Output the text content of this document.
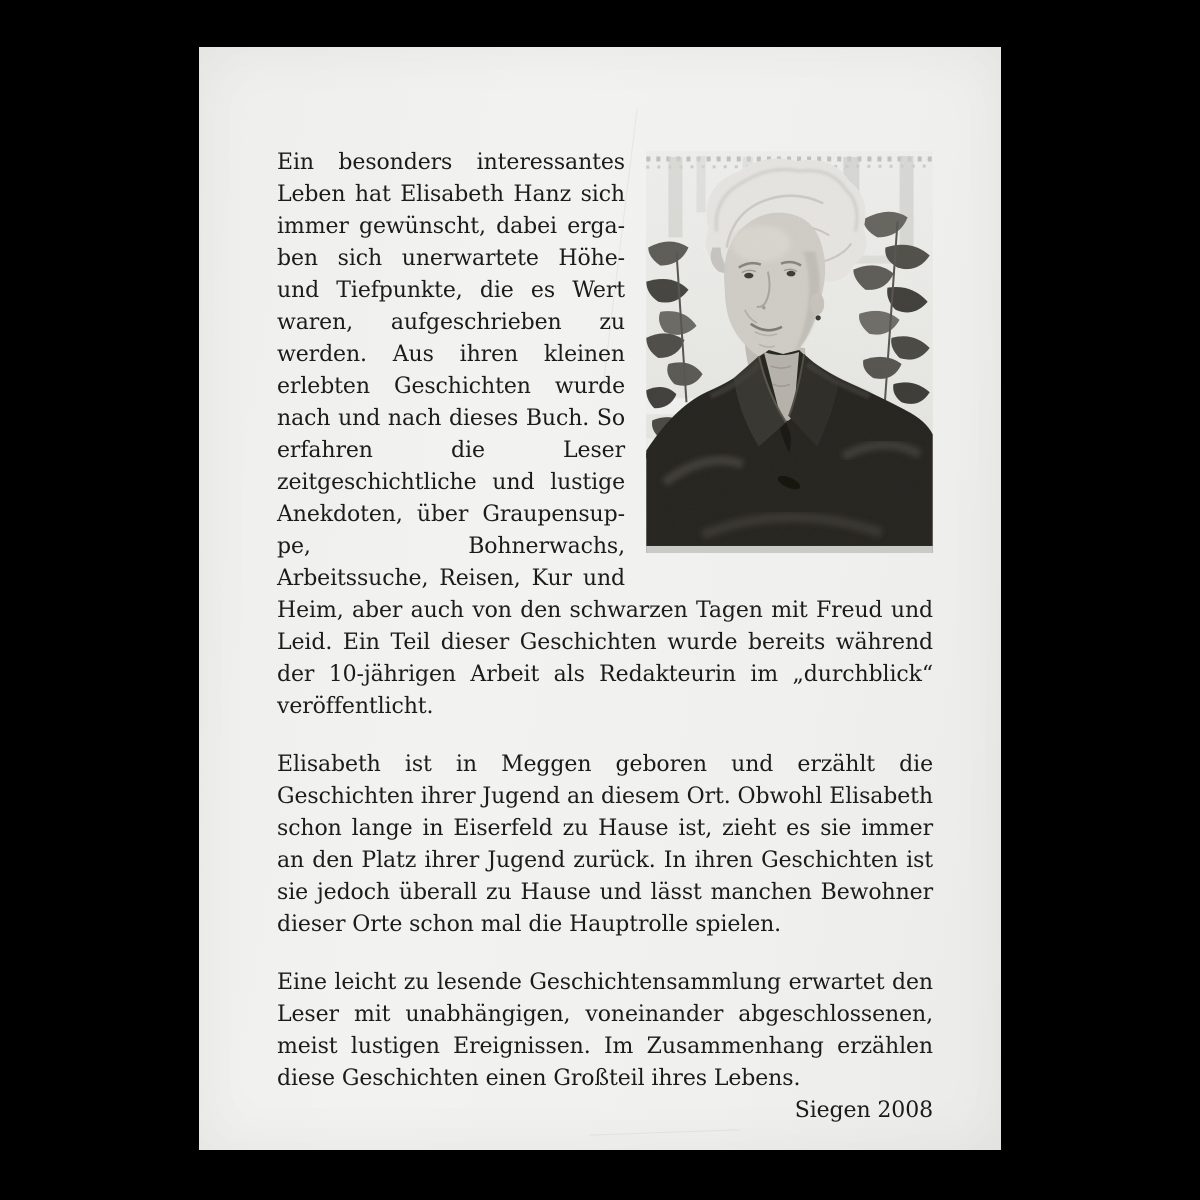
Ein besonders interessantes Leben hat Elisabeth Hanz sich immer gewünscht, dabei ergaben sich unerwartete Höhe- und Tiefpunkte, die es Wert waren, aufgeschrieben zu werden. Aus ihren kleinen erlebten Geschichten wurde nach und nach dieses Buch. So erfahren die Leser zeitgeschichtliche und lustige Anekdoten, über Graupensuppe, Bohnerwachs, Arbeitssuche, Reisen, Kur und Heim, aber auch von den schwarzen Tagen mit Freud und Leid. Ein Teil dieser Geschichten wurde bereits während der 10-jährigen Arbeit als Redakteurin im „durchblick“ veröffentlicht.

Elisabeth ist in Meggen geboren und erzählt die Geschichten ihrer Jugend an diesem Ort. Obwohl Elisabeth schon lange in Eiserfeld zu Hause ist, zieht es sie immer an den Platz ihrer Jugend zurück. In ihren Geschichten ist sie jedoch überall zu Hause und lässt manchen Bewohner dieser Orte schon mal die Hauptrolle spielen.

Eine leicht zu lesende Geschichtensammlung erwartet den Leser mit unabhängigen, voneinander abgeschlossenen, meist lustigen Ereignissen. Im Zusammenhang erzählen diese Geschichten einen Großteil ihres Lebens.

Siegen 2008
